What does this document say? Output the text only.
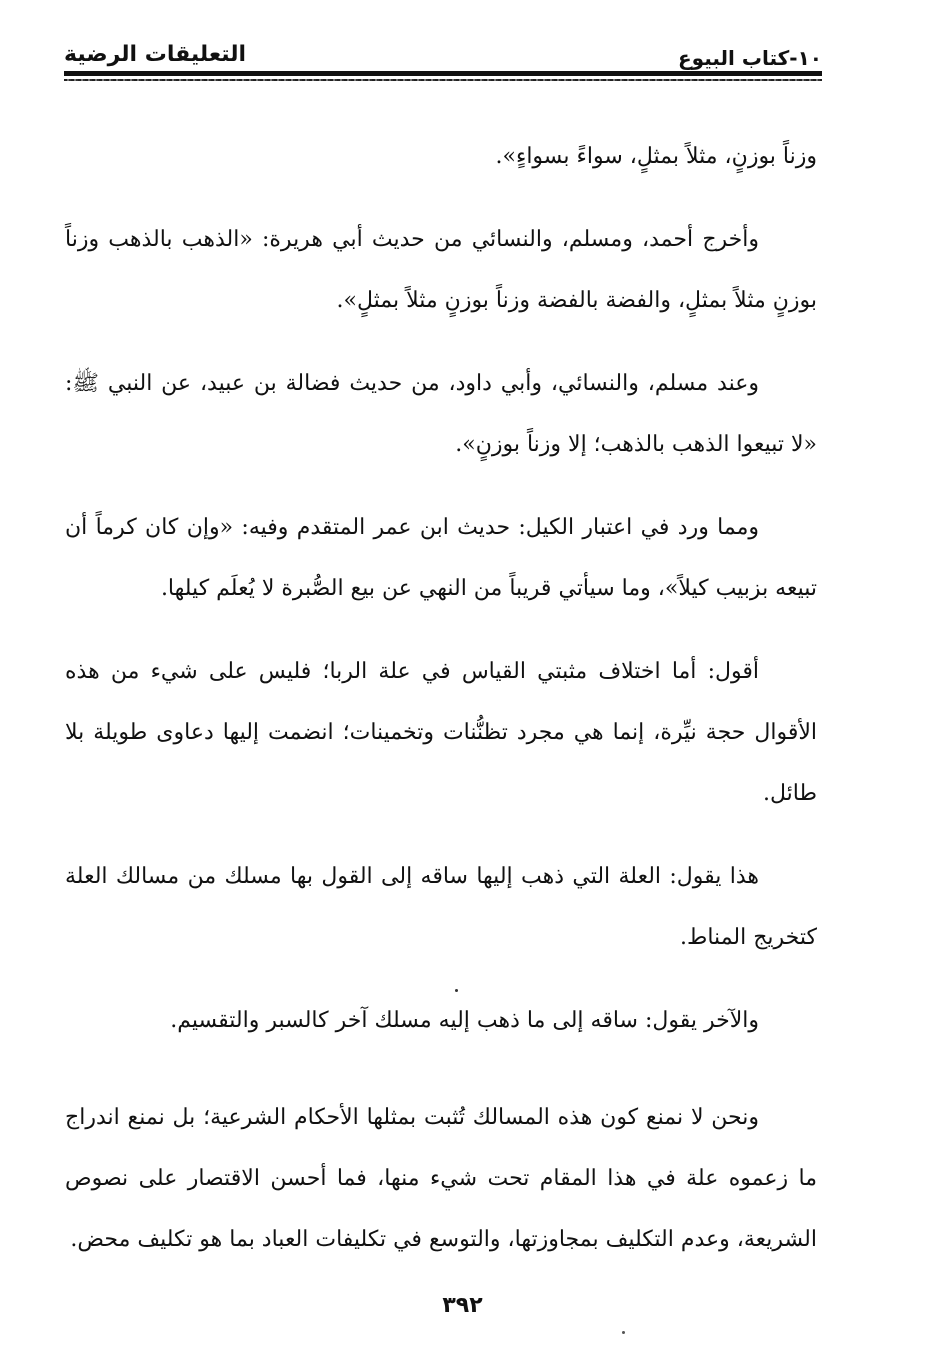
١٠-كتاب البيوع
التعليقات الرضية

وزناً بوزنٍ، مثلاً بمثلٍ، سواءً بسواءٍ».

وأخرج أحمد، ومسلم، والنسائي من حديث أبي هريرة: «الذهب بالذهب وزناً بوزنٍ مثلاً بمثلٍ، والفضة بالفضة وزناً بوزنٍ مثلاً بمثلٍ».

وعند مسلم، والنسائي، وأبي داود، من حديث فضالة بن عبيد، عن النبي ﷺ: «لا تبيعوا الذهب بالذهب؛ إلا وزناً بوزنٍ».

ومما ورد في اعتبار الكيل: حديث ابن عمر المتقدم وفيه: «وإن كان كرماً أن تبيعه بزبيب كيلاً»، وما سيأتي قريباً من النهي عن بيع الصُّبرة لا يُعلَم كيلها.

أقول: أما اختلاف مثبتي القياس في علة الربا؛ فليس على شيء من هذه الأقوال حجة نيِّرة، إنما هي مجرد تظنُّنات وتخمينات؛ انضمت إليها دعاوى طويلة بلا طائل.

هذا يقول: العلة التي ذهب إليها ساقه إلى القول بها مسلك من مسالك العلة كتخريج المناط.

والآخر يقول: ساقه إلى ما ذهب إليه مسلك آخر كالسبر والتقسيم.

ونحن لا نمنع كون هذه المسالك تُثبت بمثلها الأحكام الشرعية؛ بل نمنع اندراج ما زعموه علة في هذا المقام تحت شيء منها، فما أحسن الاقتصار على نصوص الشريعة، وعدم التكليف بمجاوزتها، والتوسع في تكليفات العباد بما هو تكليف محض.

٣٩٢
